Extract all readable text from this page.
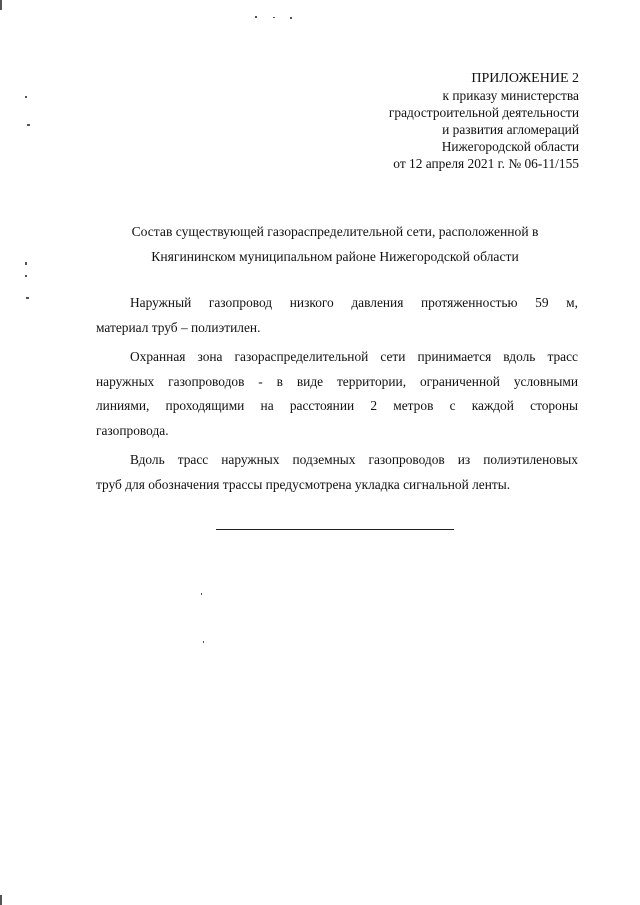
ПРИЛОЖЕНИЕ 2
к приказу министерства
градостроительной деятельности
и развития агломераций
Нижегородской области
от 12 апреля 2021 г. № 06-11/155
Состав существующей газораспределительной сети, расположенной в
Княгининском муниципальном районе Нижегородской области
Наружный газопровод низкого давления протяженностью 59 м,
материал труб – полиэтилен.
Охранная зона газораспределительной сети принимается вдоль трасс
наружных газопроводов - в виде территории, ограниченной условными
линиями, проходящими на расстоянии 2 метров с каждой стороны
газопровода.
Вдоль трасс наружных подземных газопроводов из полиэтиленовых
труб для обозначения трассы предусмотрена укладка сигнальной ленты.
